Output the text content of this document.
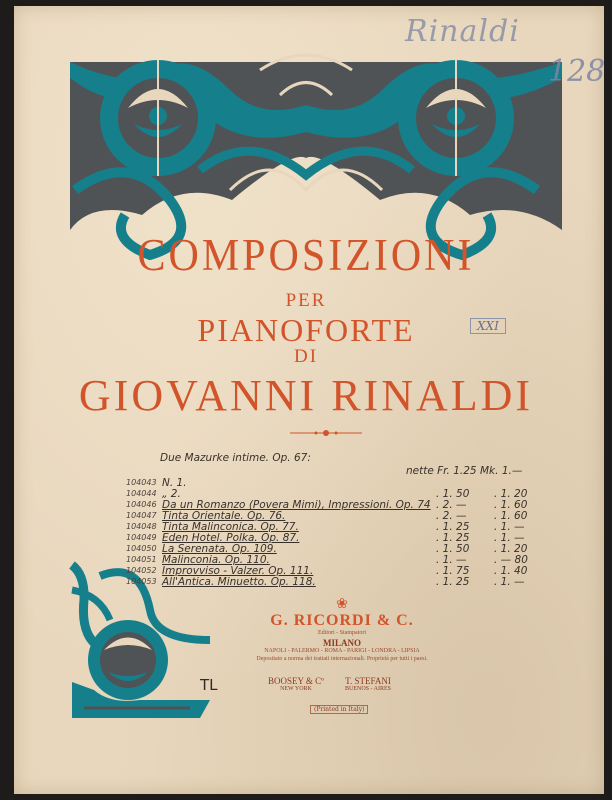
Rinaldi
128
XXI
COMPOSIZIONI
PER
PIANOFORTE
DI
GIOVANNI RINALDI
Due Mazurke intime. Op. 67:
nette Fr. 1.25 Mk. 1.—
104043 N. 1.
104044 „ 2.	. 1. 50	. 1. 20
104046 Da un Romanzo (Povera Mimi), Impressioni. Op. 74 . 2. —	. 1. 60
104047 Tinta Orientale. Op. 76.	. 2. —	. 1. 60
104048 Tinta Malinconica. Op. 77.	. 1. 25	. 1. —
104049 Eden Hotel. Polka. Op. 87.	. 1. 25	. 1. —
104050 La Serenata. Op. 109.	. 1. 50	. 1. 20
104051 Malinconia. Op. 110.	. 1. —	. — 80
104052 Improvviso - Valzer. Op. 111.	. 1. 75	. 1. 40
104053 All'Antica. Minuetto. Op. 118.	. 1. 25	. 1. —
❀
G. RICORDI & C.
Editori - Stampatori
MILANO
NAPOLI - PALERMO - ROMA - PARIGI - LONDRA - LIPSIA
Depositato a norma dei trattati internazionali. Proprietà per tutti i paesi.
BOOSEY & Cº
NEW YORK
T. STEFANI
BUENOS - AIRES
(Printed in Italy)
TL
